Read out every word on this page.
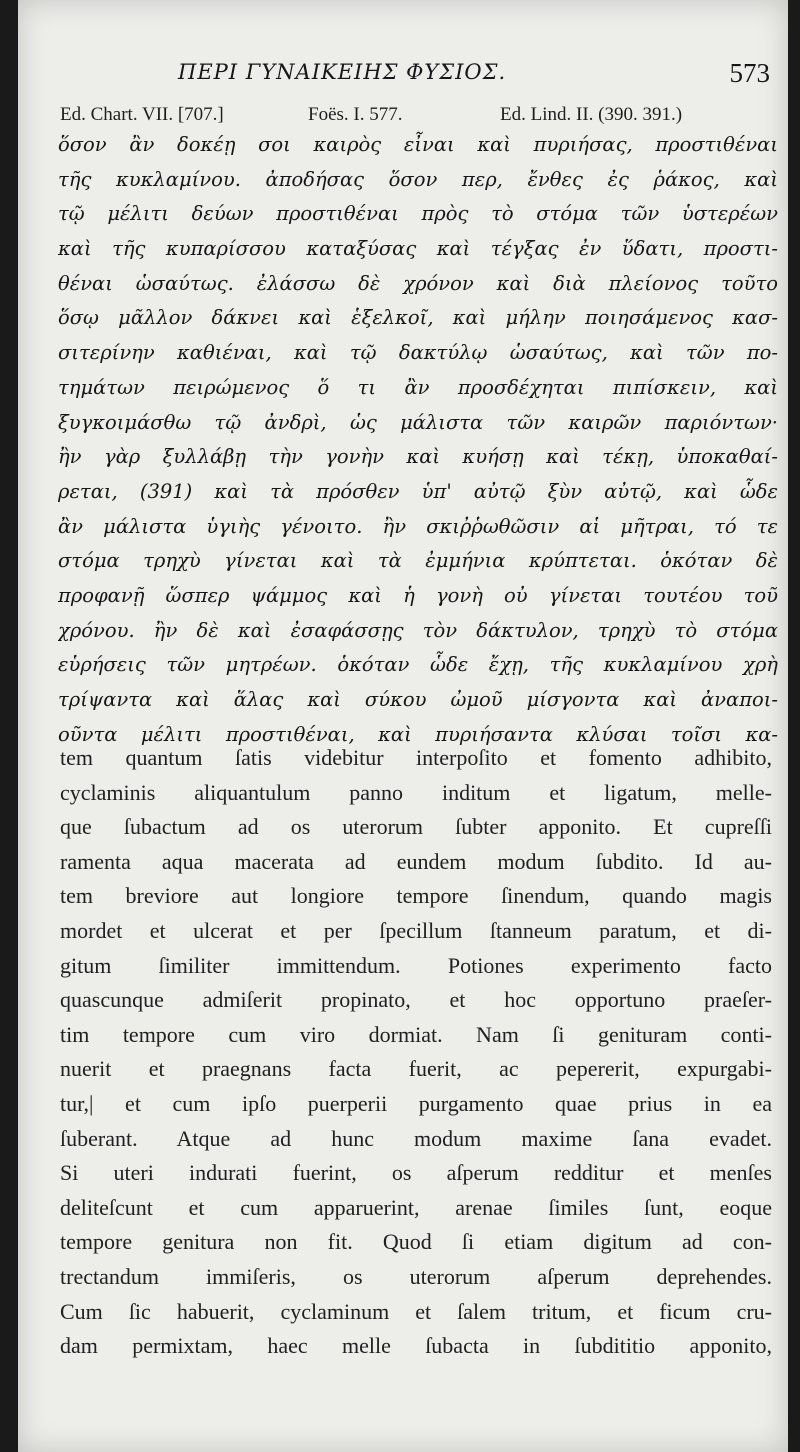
ΠΕΡΙ ΓΥΝΑΙΚΕΙΗΣ ΦΥΣΙΟΣ.	573
Ed. Chart. VII. [707.]	Foës. I. 577.	Ed. Lind. II. (390. 391.)
ὅσον ἂν δοκέῃ σοι καιρὸς εἶναι καὶ πυριήσας, προστιθέναι
τῆς κυκλαμίνου. ἀποδήσας ὅσον περ, ἔνθες ἐς ῥάκος, καὶ
τῷ μέλιτι δεύων προστιθέναι πρὸς τὸ στόμα τῶν ὑστερέων
καὶ τῆς κυπαρίσσου καταξύσας καὶ τέγξας ἐν ὕδατι, προστι-
θέναι ὡσαύτως. ἐλάσσω δὲ χρόνον καὶ διὰ πλείονος τοῦτο
ὅσῳ μᾶλλον δάκνει καὶ ἑξελκοῖ, καὶ μήλην ποιησάμενος κασ-
σιτερίνην καθιέναι, καὶ τῷ δακτύλῳ ὡσαύτως, καὶ τῶν πο-
τημάτων πειρώμενος ὅ τι ἂν προσδέχηται πιπίσκειν, καὶ
ξυγκοιμάσθω τῷ ἀνδρὶ, ὡς μάλιστα τῶν καιρῶν παριόντων·
ἢν γὰρ ξυλλάβῃ τὴν γονὴν καὶ κυήσῃ καὶ τέκῃ, ὑποκαθαί-
ρεται, (391) καὶ τὰ πρόσθεν ὑπ' αὐτῷ ξὺν αὐτῷ, καὶ ὧδε
ἂν μάλιστα ὑγιὴς γένοιτο. ἢν σκιῤῥωθῶσιν αἱ μῆτραι, τό τε
στόμα τρηχὺ γίνεται καὶ τὰ ἐμμήνια κρύπτεται. ὁκόταν δὲ
προφανῇ ὥσπερ ψάμμος καὶ ἡ γονὴ οὐ γίνεται τουτέου τοῦ
χρόνου. ἢν δὲ καὶ ἐσαφάσσῃς τὸν δάκτυλον, τρηχὺ τὸ στόμα
εὑρήσεις τῶν μητρέων. ὁκόταν ὧδε ἔχῃ, τῆς κυκλαμίνου χρὴ
τρίψαντα καὶ ἅλας καὶ σύκου ὠμοῦ μίσγοντα καὶ ἀναποι-
οῦντα μέλιτι προστιθέναι, καὶ πυριήσαντα κλύσαι τοῖσι κα-
tem quantum ſatis videbitur interpoſito et fomento adhibito,
cyclaminis aliquantulum panno inditum et ligatum, melle-
que ſubactum ad os uterorum ſubter apponito. Et cupreſſi
ramenta aqua macerata ad eundem modum ſubdito. Id au-
tem breviore aut longiore tempore ſinendum, quando magis
mordet et ulcerat et per ſpecillum ſtanneum paratum, et di-
gitum ſimiliter immittendum. Potiones experimento facto
quascunque admiſerit propinato, et hoc opportuno praeſer-
tim tempore cum viro dormiat. Nam ſi genituram conti-
nuerit et praegnans facta fuerit, ac pepererit, expurgabi-
tur,| et cum ipſo puerperii purgamento quae prius in ea
ſuberant. Atque ad hunc modum maxime ſana evadet.
Si uteri indurati fuerint, os aſperum redditur et menſes
deliteſcunt et cum apparuerint, arenae ſimiles ſunt, eoque
tempore genitura non fit. Quod ſi etiam digitum ad con-
trectandum immiſeris, os uterorum aſperum deprehendes.
Cum ſic habuerit, cyclaminum et ſalem tritum, et ficum cru-
dam permixtam, haec melle ſubacta in ſubdititio apponito,
